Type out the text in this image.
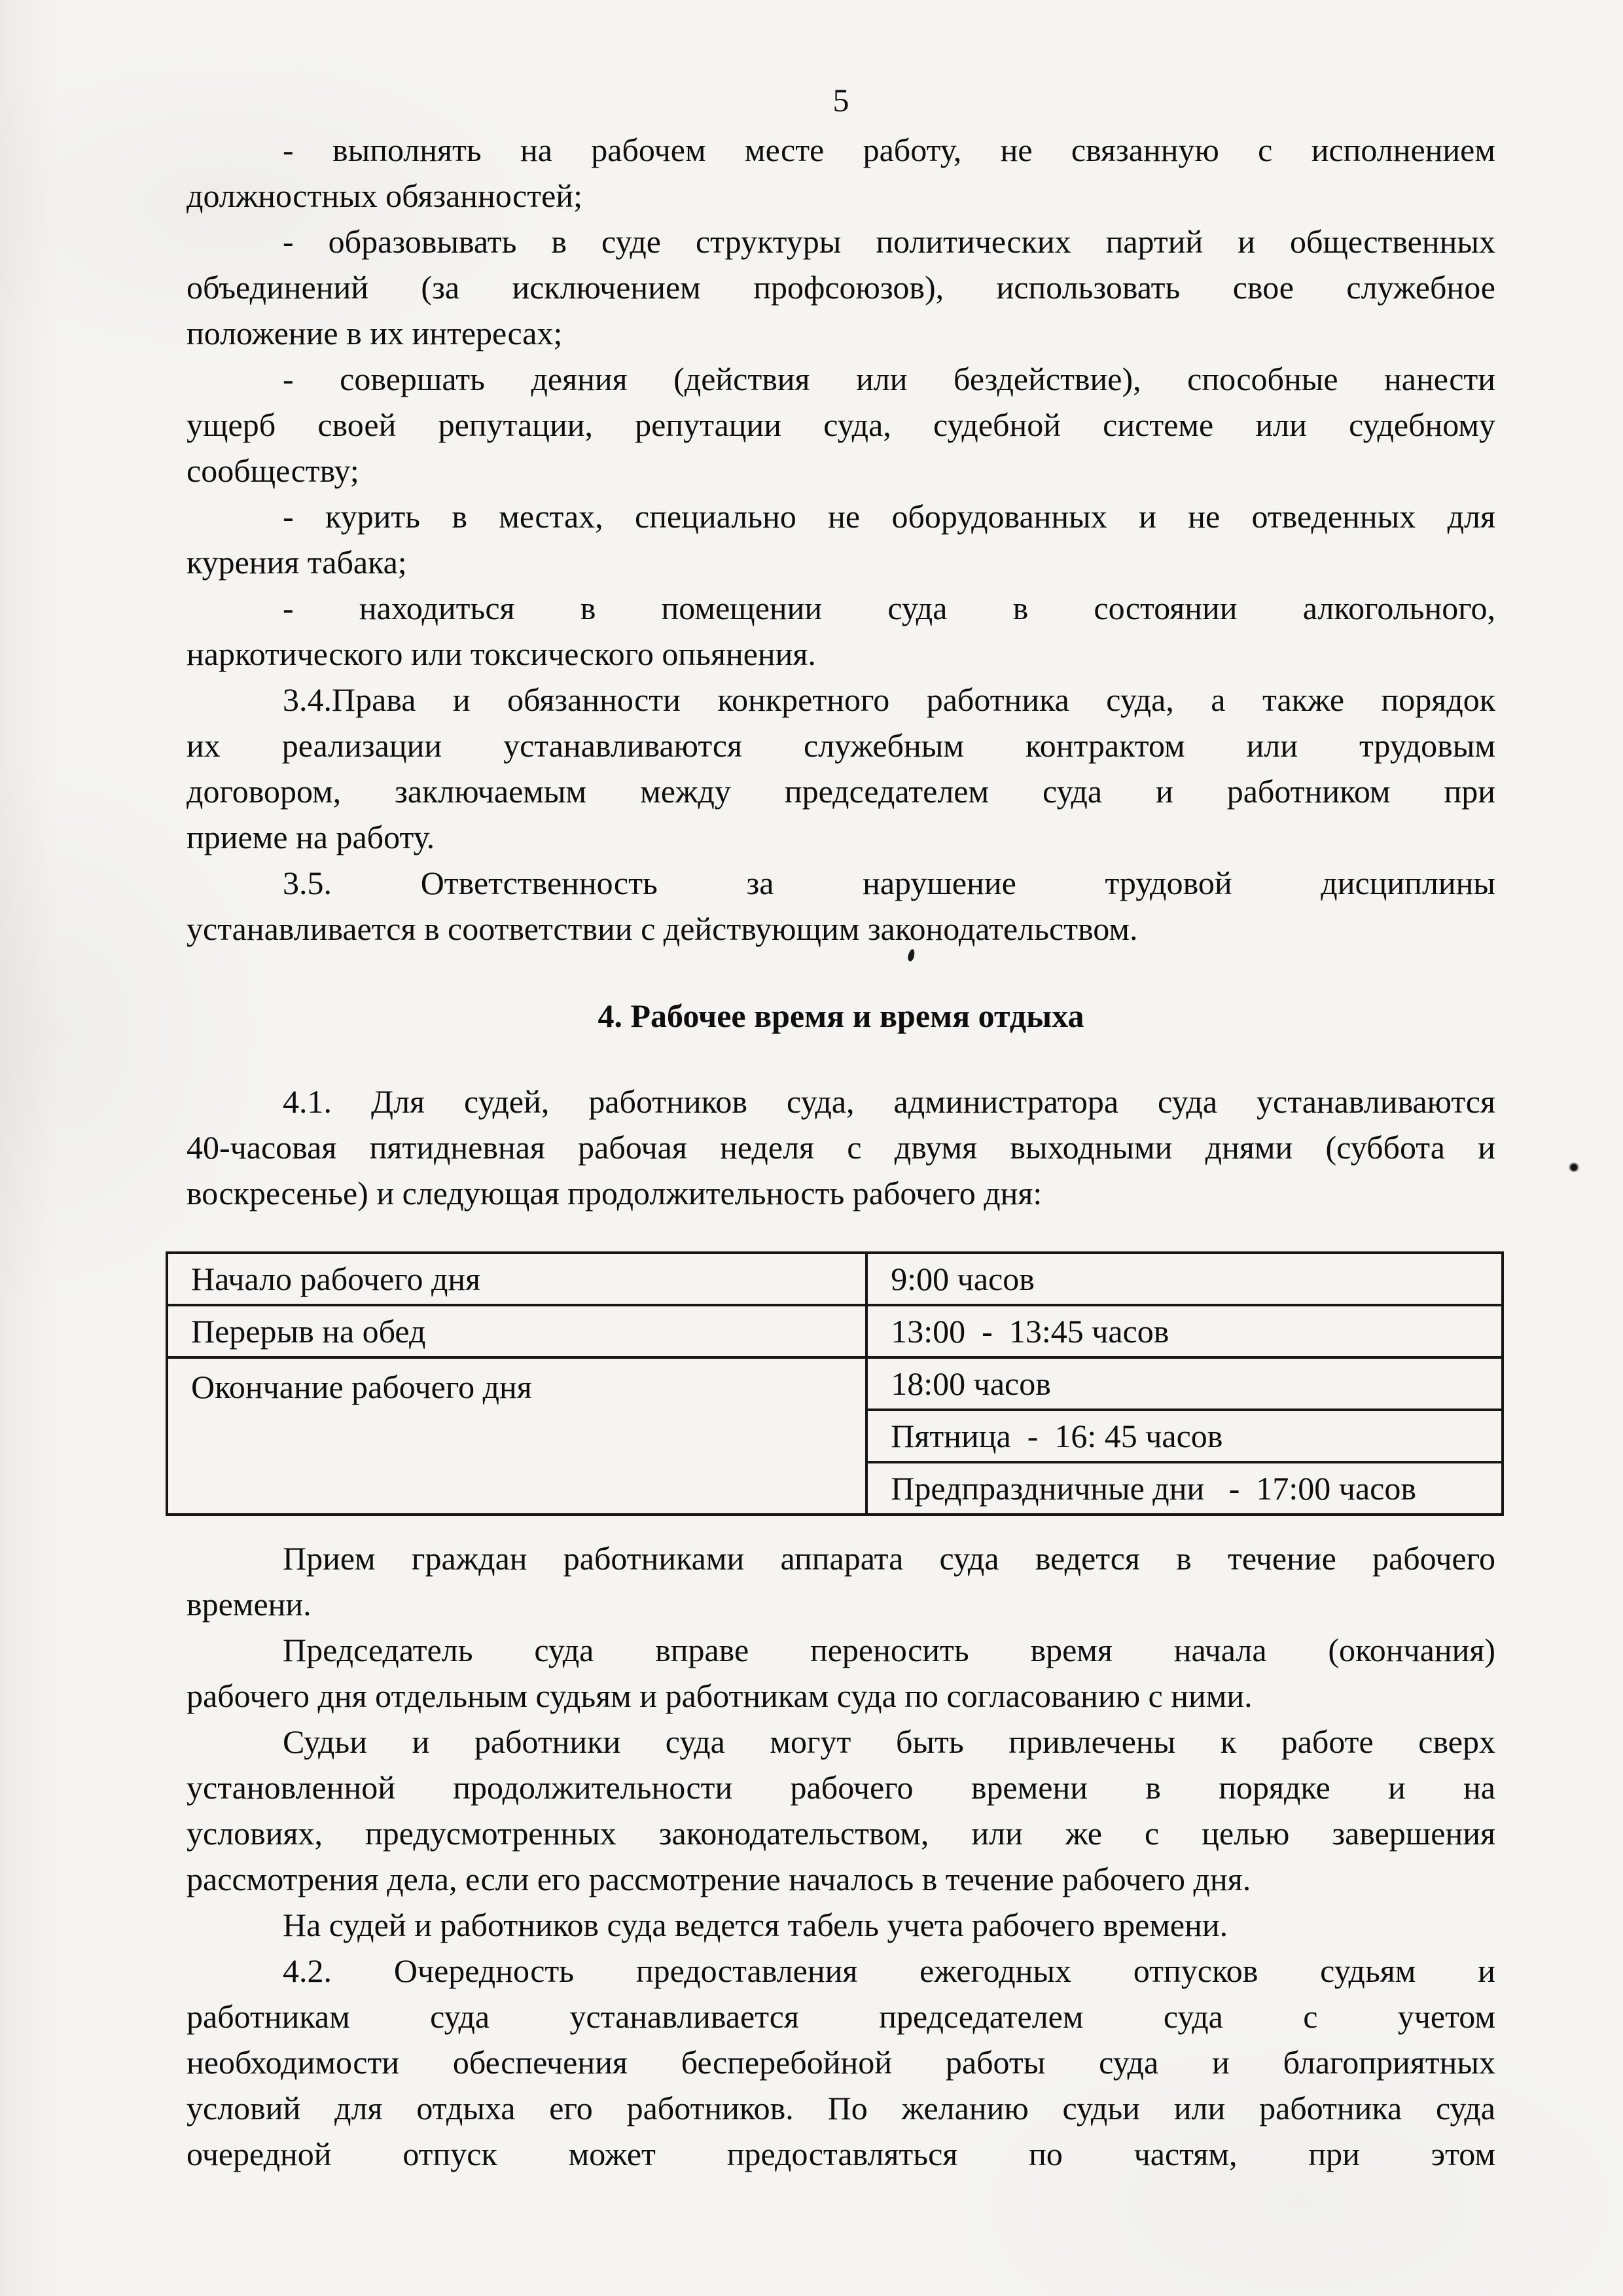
5
- выполнять на рабочем месте работу, не связанную с исполнением
должностных обязанностей;
- образовывать в суде структуры политических партий и общественных
объединений (за исключением профсоюзов), использовать свое служебное
положение в их интересах;
- совершать деяния (действия или бездействие), способные нанести
ущерб своей репутации, репутации суда, судебной системе или судебному
сообществу;
- курить в местах, специально не оборудованных и не отведенных для
курения табака;
- находиться в помещении суда в состоянии алкогольного,
наркотического или токсического опьянения.
3.4.Права и обязанности конкретного работника суда, а также порядок
их реализации устанавливаются служебным контрактом или трудовым
договором, заключаемым между председателем суда и работником при
приеме на работу.
3.5. Ответственность за нарушение трудовой дисциплины
устанавливается в соответствии с действующим законодательством.
4. Рабочее время и время отдыха
4.1. Для судей, работников суда, администратора суда устанавливаются
40-часовая пятидневная рабочая неделя с двумя выходными днями (суббота и
воскресенье) и следующая продолжительность рабочего дня:
Начало рабочего дня	9:00 часов
Перерыв на обед	13:00  -  13:45 часов
Окончание рабочего дня	18:00 часов
	Пятница  -  16: 45 часов
	Предпраздничные дни   -  17:00 часов
Прием граждан работниками аппарата суда ведется в течение рабочего
времени.
Председатель суда вправе переносить время начала (окончания)
рабочего дня отдельным судьям и работникам суда по согласованию с ними.
Судьи и работники суда могут быть привлечены к работе сверх
установленной продолжительности рабочего времени в порядке и на
условиях, предусмотренных законодательством, или же с целью завершения
рассмотрения дела, если его рассмотрение началось в течение рабочего дня.
На судей и работников суда ведется табель учета рабочего времени.
4.2. Очередность предоставления ежегодных отпусков судьям и
работникам суда устанавливается председателем суда с учетом
необходимости обеспечения бесперебойной работы суда и благоприятных
условий для отдыха его работников. По желанию судьи или работника суда
очередной отпуск может предоставляться по частям, при этом
